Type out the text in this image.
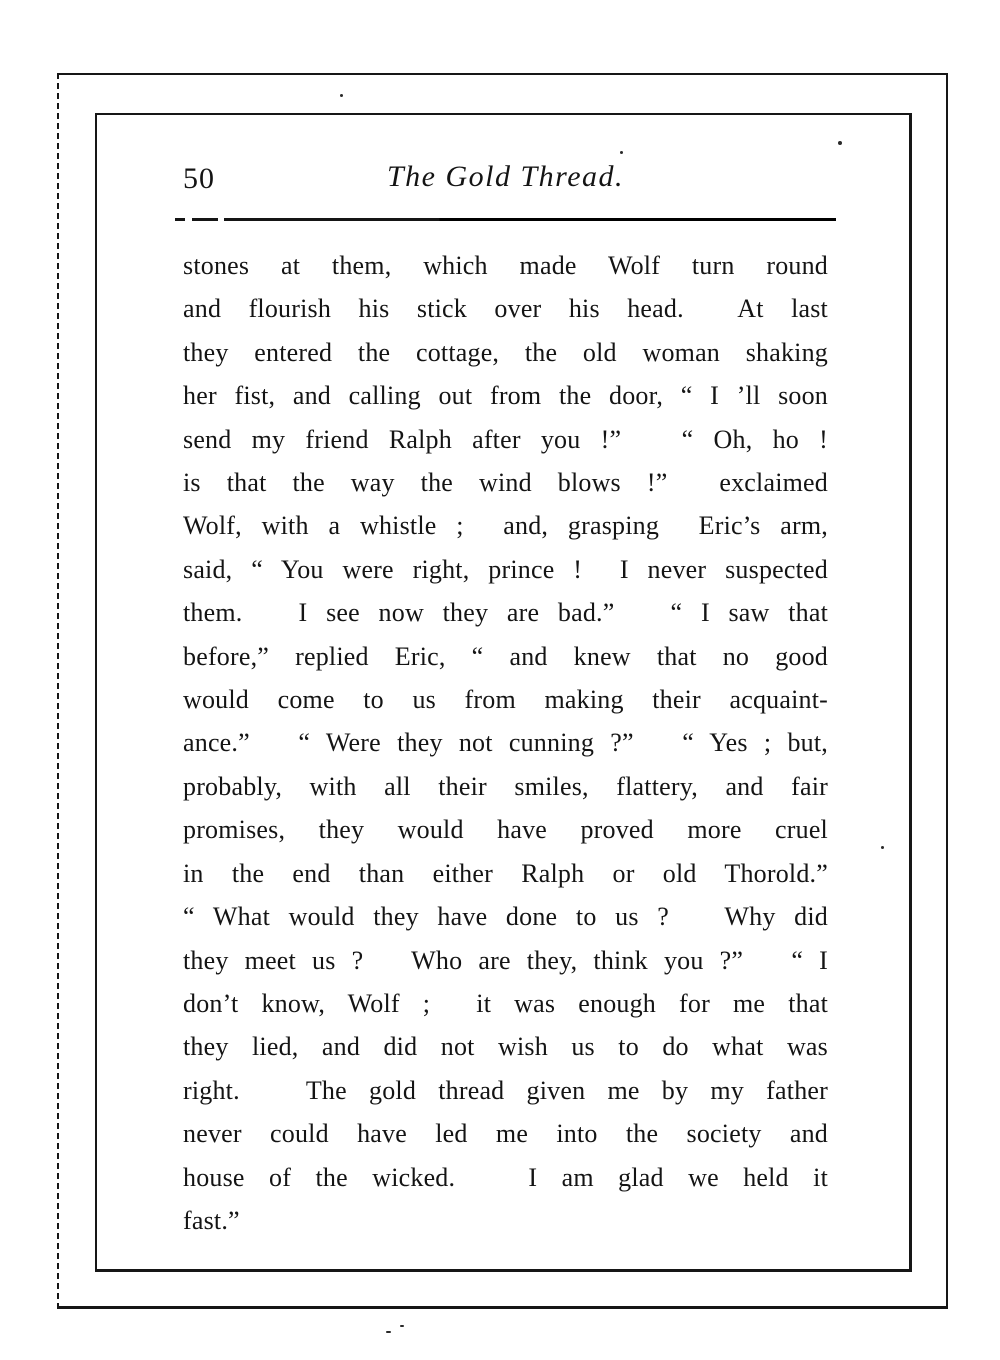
50	The Gold Thread.
stones at them, which made Wolf turn round
and flourish his stick over his head.  At last
they entered the cottage, the old woman shaking
her fist, and calling out from the door, “ I ’ll soon
send my friend Ralph after you !”   “ Oh, ho !
is that the way the wind blows !”  exclaimed
Wolf, with a whistle ;  and, grasping  Eric’s arm,
said, “ You were right, prince !  I never suspected
them.   I see now they are bad.”   “ I saw that
before,” replied Eric, “ and knew that no good
would come to us from making their acquaint-
ance.”   “ Were they not cunning ?”   “ Yes ; but,
probably, with all their smiles, flattery, and fair
promises, they would have proved more cruel
in the end than either Ralph or old Thorold.”
“ What would they have done to us ?   Why did
they meet us ?   Who are they, think you ?”   “ I
don’t know, Wolf ;  it was enough for me that
they lied, and did not wish us to do what was
right.   The gold thread given me by my father
never could have led me into the society and
house of the wicked.   I am glad we held it
fast.”
